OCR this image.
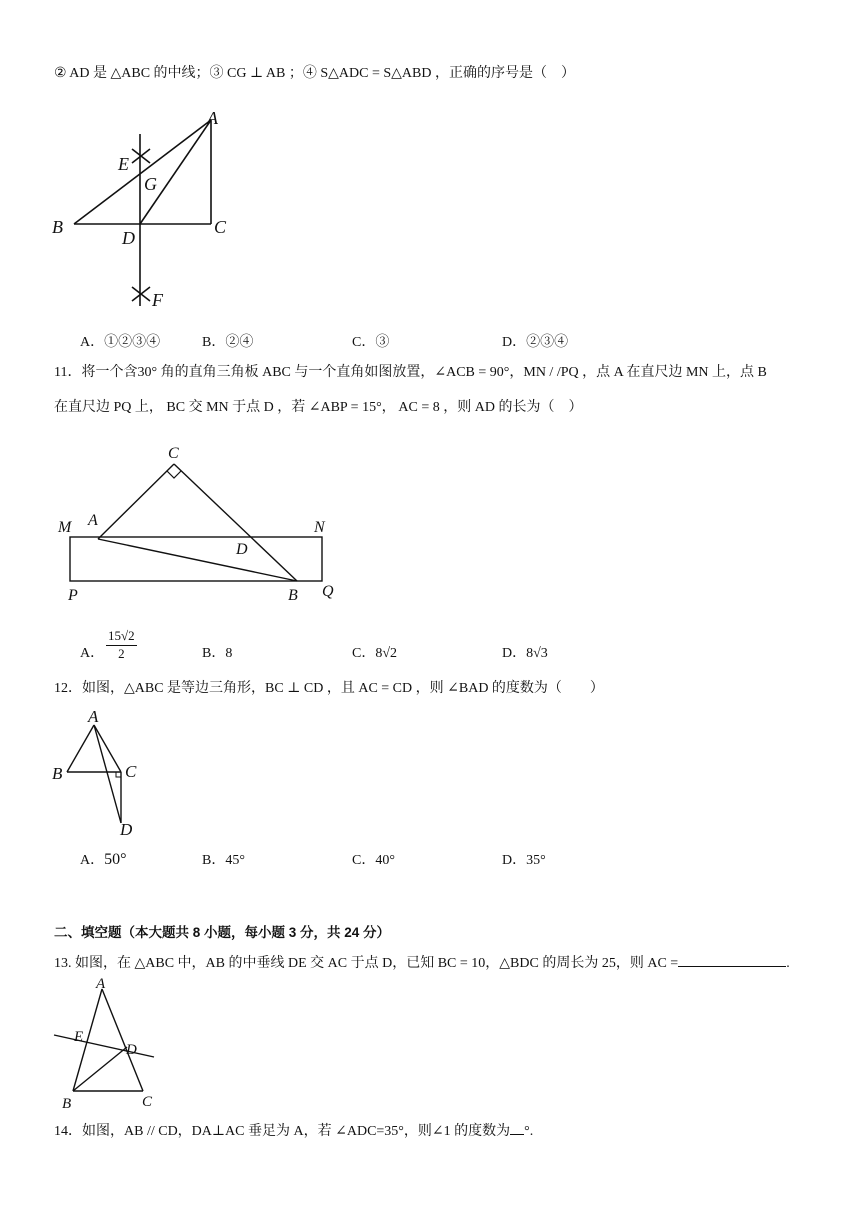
② AD 是 △ABC 的中线；③ CG ⊥ AB ；④ S△ADC = S△ABD ，正确的序号是（　）
A
E
G
B	C
D
F
A．①②③④	B．②④	C．③	D．②③④
11．将一个含30° 角的直角三角板 ABC 与一个直角如图放置，∠ACB = 90°，MN / /PQ ，点 A 在直尺边 MN 上，点 B
在直尺边 PQ 上， BC 交 MN 于点 D ，若 ∠ABP = 15°， AC = 8 ，则 AD 的长为（　）
C
M A	N
D
P	B Q
A．
15√2
2	B．8	C．8√2	D．8√3
12．如图，△ABC 是等边三角形，BC ⊥ CD ，且 AC = CD ，则 ∠BAD 的度数为（　　）
A
B	C
D
A．50°	B．45°	C．40°	D．35°
二、填空题（本大题共 8 小题，每小题 3 分，共 24 分）
13. 如图，在 △ABC 中，AB 的中垂线 DE 交 AC 于点 D，已知 BC = 10，△BDC 的周长为 25，则 AC =	.
A
E
D
B	C
14．如图，AB // CD，DA⊥AC 垂足为 A，若 ∠ADC=35°，则∠1 的度数为 °.
